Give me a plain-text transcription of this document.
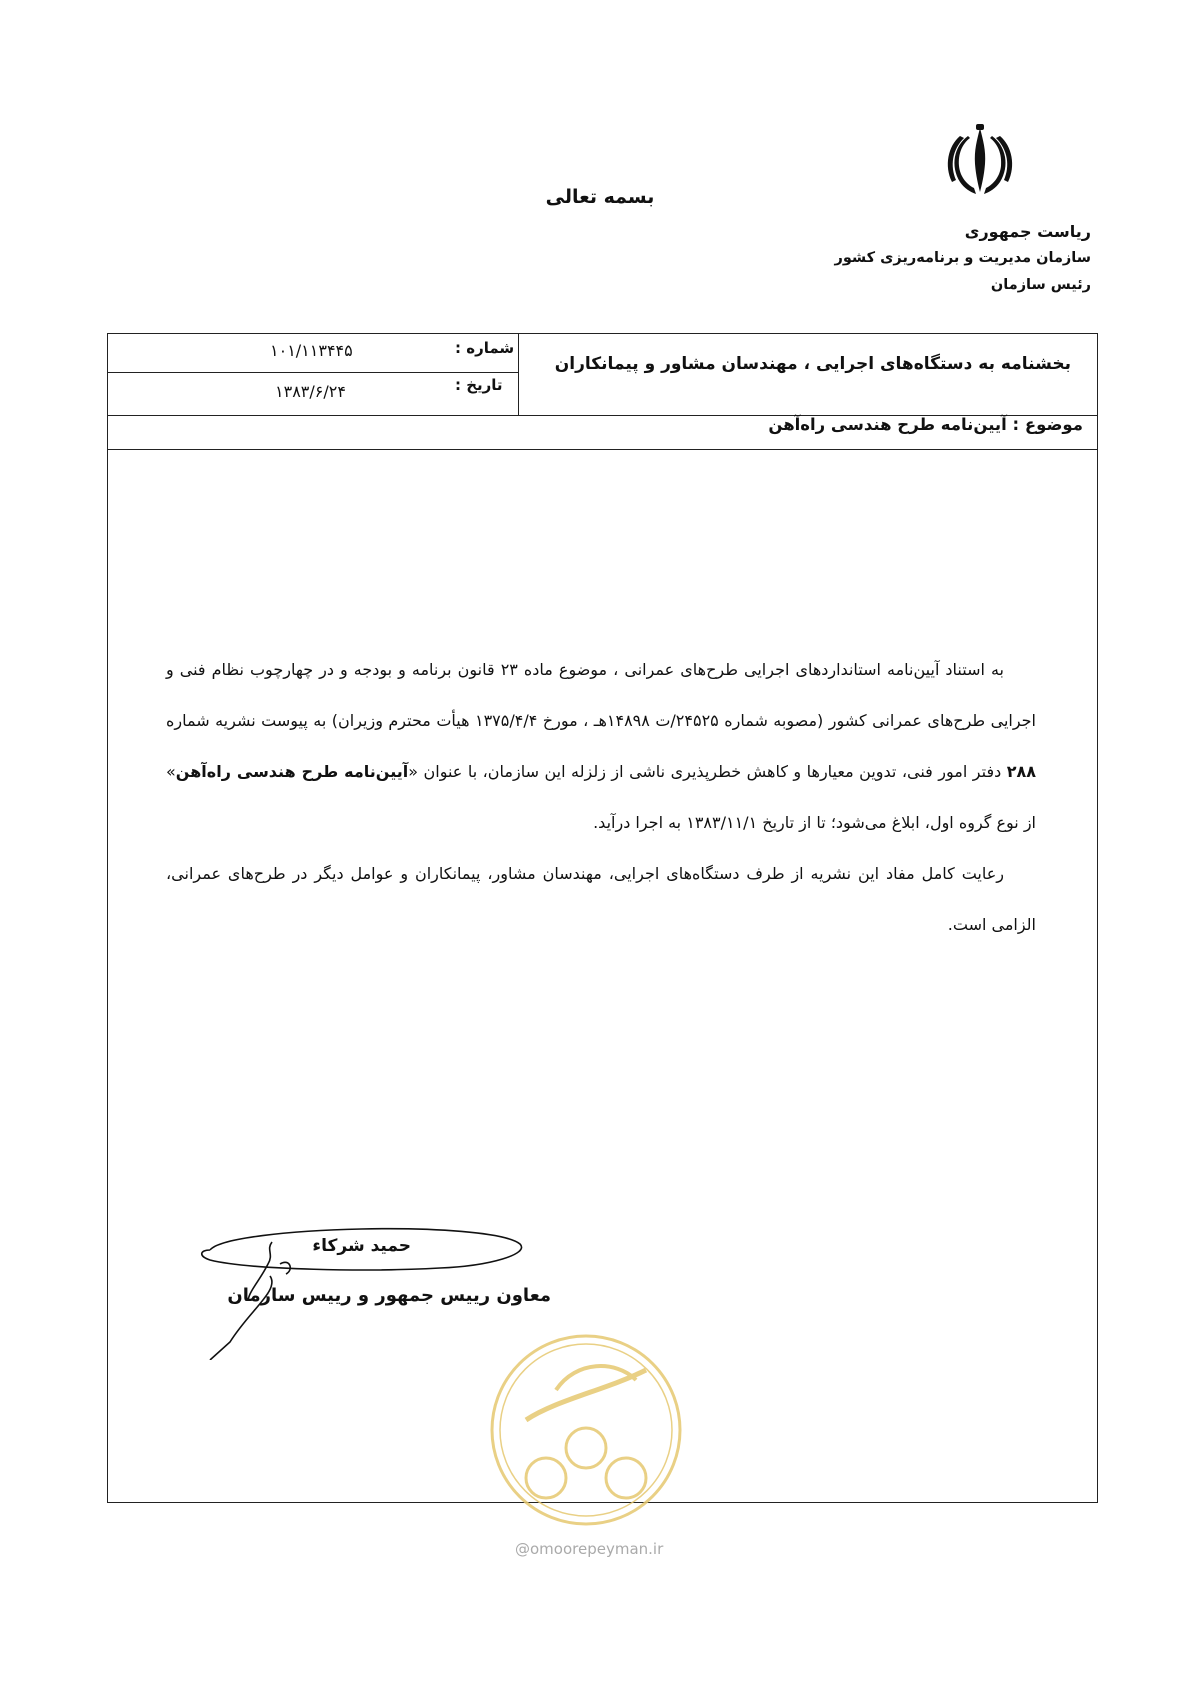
بسمه تعالی
ریاست جمهوری
سازمان مدیریت و برنامه‌ریزی کشور
رئیس سازمان
بخشنامه به دستگاه‌های اجرایی ، مهندسان مشاور و پیمانکاران
شماره :
۱۰۱/۱۱۳۴۴۵
تاریخ :
۱۳۸۳/۶/۲۴
موضوع : آیین‌نامه طرح هندسی راه‌آهن

به استناد آیین‌نامه استانداردهای اجرایی طرح‌های عمرانی ، موضوع ماده ۲۳ قانون برنامه و بودجه و در چهارچوب نظام فنی و اجرایی طرح‌های عمرانی کشور (مصوبه شماره ۲۴۵۲۵/ت ۱۴۸۹۸هـ ، مورخ ۱۳۷۵/۴/۴ هیأت محترم وزیران) به پیوست نشریه شماره ۲۸۸ دفتر امور فنی، تدوین معیارها و کاهش خطرپذیری ناشی از زلزله این سازمان، با عنوان «آیین‌نامه طرح هندسی راه‌آهن» از نوع گروه اول، ابلاغ می‌شود؛ تا از تاریخ ۱۳۸۳/۱۱/۱ به اجرا درآید.

رعایت کامل مفاد این نشریه از طرف دستگاه‌های اجرایی، مهندسان مشاور، پیمانکاران و عوامل دیگر در طرح‌های عمرانی، الزامی است.

حمید شرکاء
معاون رییس جمهور و رییس سازمان
@omoorepeyman.ir
